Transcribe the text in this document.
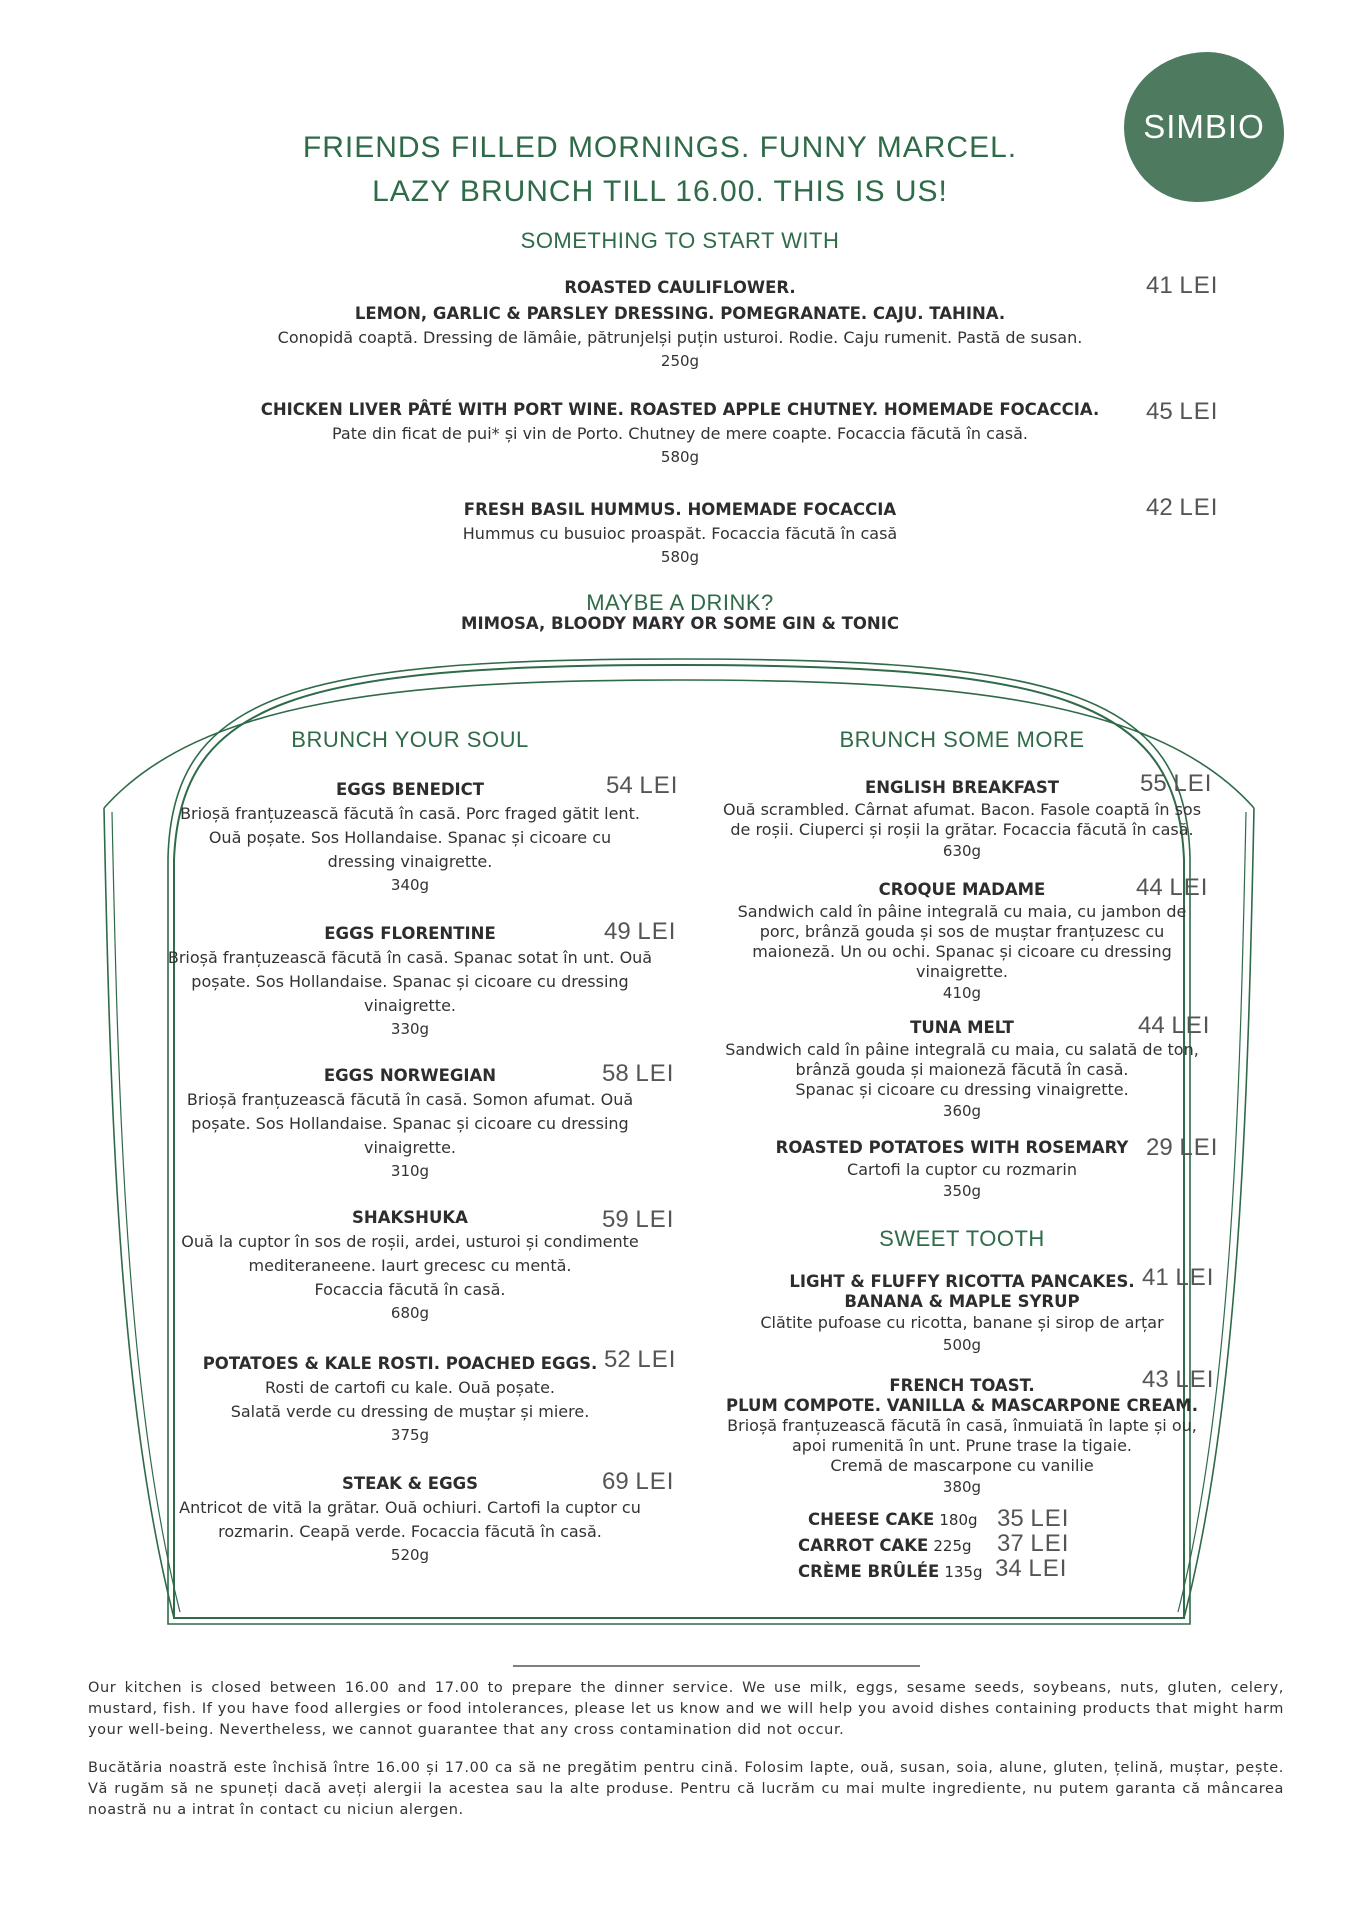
SIMBIO
FRIENDS FILLED MORNINGS. FUNNY MARCEL.
LAZY BRUNCH TILL 16.00. THIS IS US!
SOMETHING TO START WITH
ROASTED CAULIFLOWER.
LEMON, GARLIC & PARSLEY DRESSING. POMEGRANATE. CAJU. TAHINA.
Conopidă coaptă. Dressing de lămâie, pătrunjelși puțin usturoi. Rodie. Caju rumenit. Pastă de susan.
250g
41 LEI
CHICKEN LIVER PÂTÉ WITH PORT WINE. ROASTED APPLE CHUTNEY. HOMEMADE FOCACCIA.
Pate din ficat de pui* și vin de Porto. Chutney de mere coapte. Focaccia făcută în casă.
580g
45 LEI
FRESH BASIL HUMMUS. HOMEMADE FOCACCIA
Hummus cu busuioc proaspăt. Focaccia făcută în casă
580g
42 LEI
MAYBE A DRINK?
MIMOSA, BLOODY MARY OR SOME GIN & TONIC
BRUNCH YOUR SOUL
EGGS BENEDICT
Brioșă franțuzească făcută în casă. Porc fraged gătit lent.
Ouă poșate. Sos Hollandaise. Spanac și cicoare cu
dressing vinaigrette.
340g
54 LEI
EGGS FLORENTINE
Brioșă franțuzească făcută în casă. Spanac sotat în unt. Ouă
poșate. Sos Hollandaise. Spanac și cicoare cu dressing
vinaigrette.
330g
49 LEI
EGGS NORWEGIAN
Brioșă franțuzească făcută în casă. Somon afumat. Ouă
poșate. Sos Hollandaise. Spanac și cicoare cu dressing
vinaigrette.
310g
58 LEI
SHAKSHUKA
Ouă la cuptor în sos de roșii, ardei, usturoi și condimente
mediteraneene. Iaurt grecesc cu mentă.
Focaccia făcută în casă.
680g
59 LEI
POTATOES & KALE ROSTI. POACHED EGGS.
Rosti de cartofi cu kale. Ouă poșate.
Salată verde cu dressing de muștar și miere.
375g
52 LEI
STEAK & EGGS
Antricot de vită la grătar. Ouă ochiuri. Cartofi la cuptor cu
rozmarin. Ceapă verde. Focaccia făcută în casă.
520g
69 LEI
BRUNCH SOME MORE
ENGLISH BREAKFAST
Ouă scrambled. Cârnat afumat. Bacon. Fasole coaptă în sos
de roșii. Ciuperci și roșii la grătar. Focaccia făcută în casă.
630g
55 LEI
CROQUE MADAME
Sandwich cald în pâine integrală cu maia, cu jambon de
porc, brânză gouda și sos de muștar franțuzesc cu
maioneză. Un ou ochi. Spanac și cicoare cu dressing
vinaigrette.
410g
44 LEI
TUNA MELT
Sandwich cald în pâine integrală cu maia, cu salată de ton,
brânză gouda și maioneză făcută în casă.
Spanac și cicoare cu dressing vinaigrette.
360g
44 LEI
ROASTED POTATOES WITH ROSEMARY
Cartofi la cuptor cu rozmarin
350g
29 LEI
SWEET TOOTH
LIGHT & FLUFFY RICOTTA PANCAKES.
BANANA & MAPLE SYRUP
Clătite pufoase cu ricotta, banane și sirop de arțar
500g
41 LEI
FRENCH TOAST.
PLUM COMPOTE. VANILLA & MASCARPONE CREAM.
Brioșă franțuzească făcută în casă, înmuiată în lapte și ou,
apoi rumenită în unt. Prune trase la tigaie.
Cremă de mascarpone cu vanilie
380g
43 LEI
CHEESE CAKE 180g 35 LEI
CARROT CAKE 225g 37 LEI
CRÈME BRÛLÉE 135g 34 LEI
Our kitchen is closed between 16.00 and 17.00 to prepare the dinner service. We use milk, eggs, sesame seeds, soybeans, nuts, gluten, celery, mustard, fish. If you have food allergies or food intolerances, please let us know and we will help you avoid dishes containing products that might harm your well-being. Nevertheless, we cannot guarantee that any cross contamination did not occur.
Bucătăria noastră este închisă între 16.00 și 17.00 ca să ne pregătim pentru cină. Folosim lapte, ouă, susan, soia, alune, gluten, țelină, muștar, pește. Vă rugăm să ne spuneți dacă aveți alergii la acestea sau la alte produse. Pentru că lucrăm cu mai multe ingrediente, nu putem garanta că mâncarea noastră nu a intrat în contact cu niciun alergen.
